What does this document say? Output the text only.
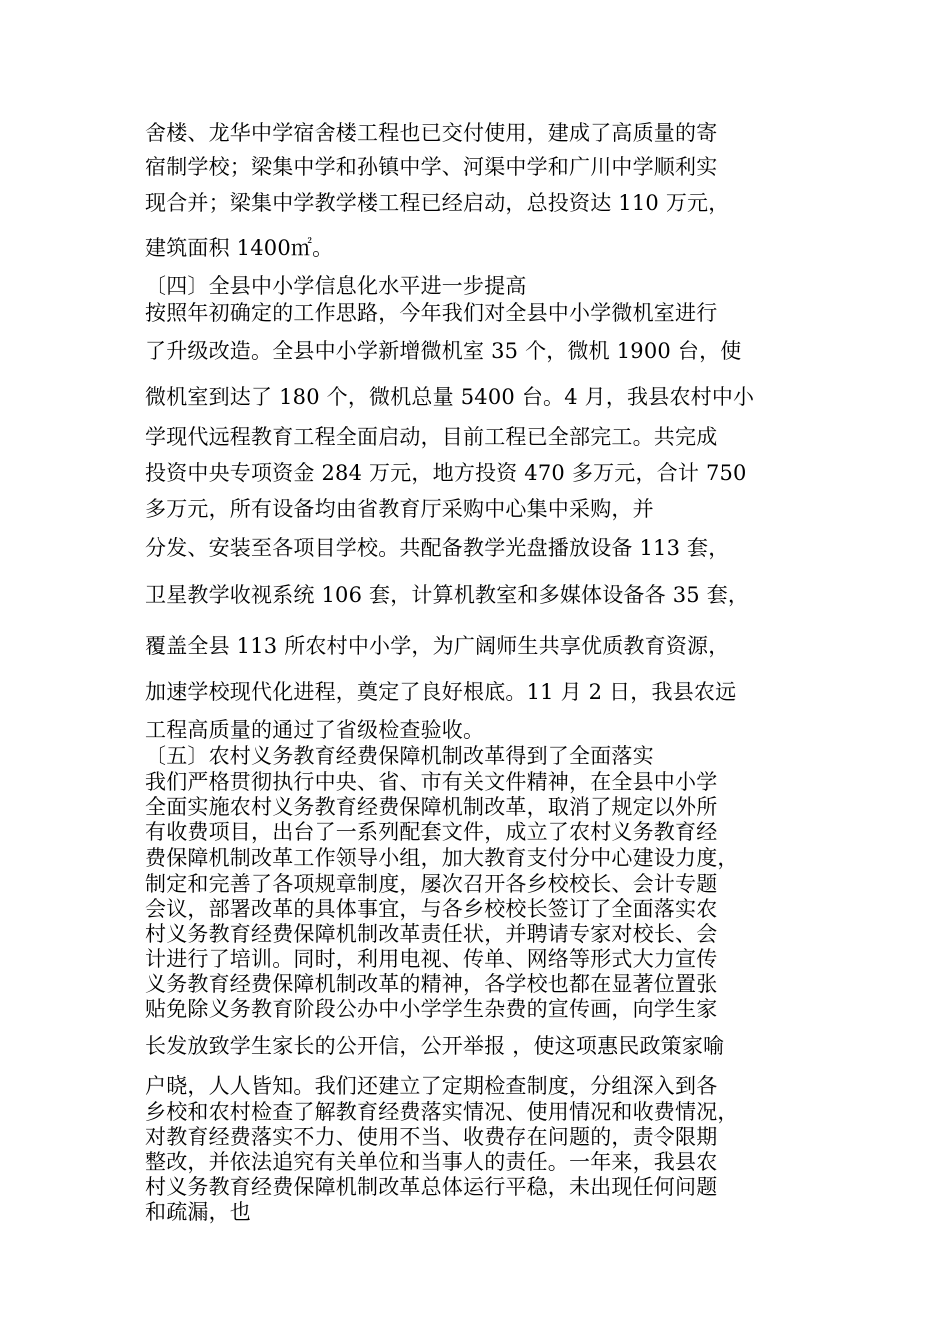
舍楼、龙华中学宿舍楼工程也已交付使用，建成了高质量的寄
宿制学校；梁集中学和孙镇中学、河渠中学和广川中学顺利实
现合并；梁集中学教学楼工程已经启动，总投资达 110 万元，
建筑面积 1400㎡。
〔四〕全县中小学信息化水平进一步提高
按照年初确定的工作思路，今年我们对全县中小学微机室进行
了升级改造。全县中小学新增微机室 35 个，微机 1900 台，使
微机室到达了 180 个，微机总量 5400 台。4 月，我县农村中小
学现代远程教育工程全面启动，目前工程已全部完工。共完成
投资中央专项资金 284 万元，地方投资 470 多万元，合计 750
多万元，所有设备均由省教育厅采购中心集中采购，并
分发、安装至各项目学校。共配备教学光盘播放设备 113 套，
卫星教学收视系统 106 套，计算机教室和多媒体设备各 35 套，
覆盖全县 113 所农村中小学，为广阔师生共享优质教育资源，
加速学校现代化进程，奠定了良好根底。11 月 2 日，我县农远
工程高质量的通过了省级检查验收。
〔五〕农村义务教育经费保障机制改革得到了全面落实
我们严格贯彻执行中央、省、市有关文件精神，在全县中小学
全面实施农村义务教育经费保障机制改革，取消了规定以外所
有收费项目，出台了一系列配套文件，成立了农村义务教育经
费保障机制改革工作领导小组，加大教育支付分中心建设力度，
制定和完善了各项规章制度，屡次召开各乡校校长、会计专题
会议，部署改革的具体事宜，与各乡校校长签订了全面落实农
村义务教育经费保障机制改革责任状，并聘请专家对校长、会
计进行了培训。同时，利用电视、传单、网络等形式大力宣传
义务教育经费保障机制改革的精神，各学校也都在显著位置张
贴免除义务教育阶段公办中小学学生杂费的宣传画，向学生家
长发放致学生家长的公开信，公开举报 ，使这项惠民政策家喻
户晓，人人皆知。我们还建立了定期检查制度，分组深入到各
乡校和农村检查了解教育经费落实情况、使用情况和收费情况，
对教育经费落实不力、使用不当、收费存在问题的，责令限期
整改，并依法追究有关单位和当事人的责任。一年来，我县农
村义务教育经费保障机制改革总体运行平稳，未出现任何问题
和疏漏，也
